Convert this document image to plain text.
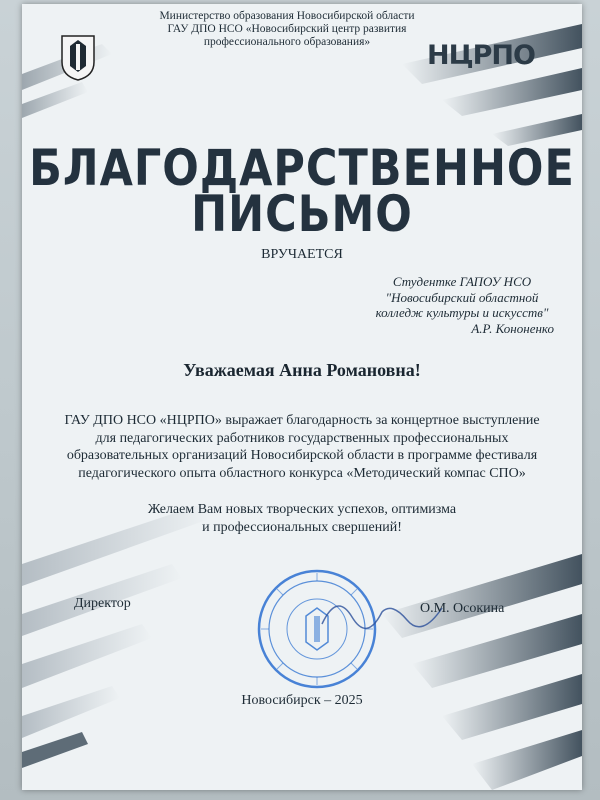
Министерство образования Новосибирской области
ГАУ ДПО НСО «Новосибирский центр развития
профессионального образования»	НЦРПО
БЛАГОДАРСТВЕННОЕ
ПИСЬМО
ВРУЧАЕТСЯ
Студентке ГАПОУ НСО
"Новосибирский областной
колледж культуры и искусств"
А.Р. Кононенко
Уважаемая Анна Романовна!
ГАУ ДПО НСО «НЦРПО» выражает благодарность за концертное выступление
для педагогических работников государственных профессиональных
образовательных организаций Новосибирской области в программе фестиваля
педагогического опыта областного конкурса «Методический компас СПО»
Желаем Вам новых творческих успехов, оптимизма
и профессиональных свершений!
Директор	О.М. Осокина
Новосибирск – 2025
